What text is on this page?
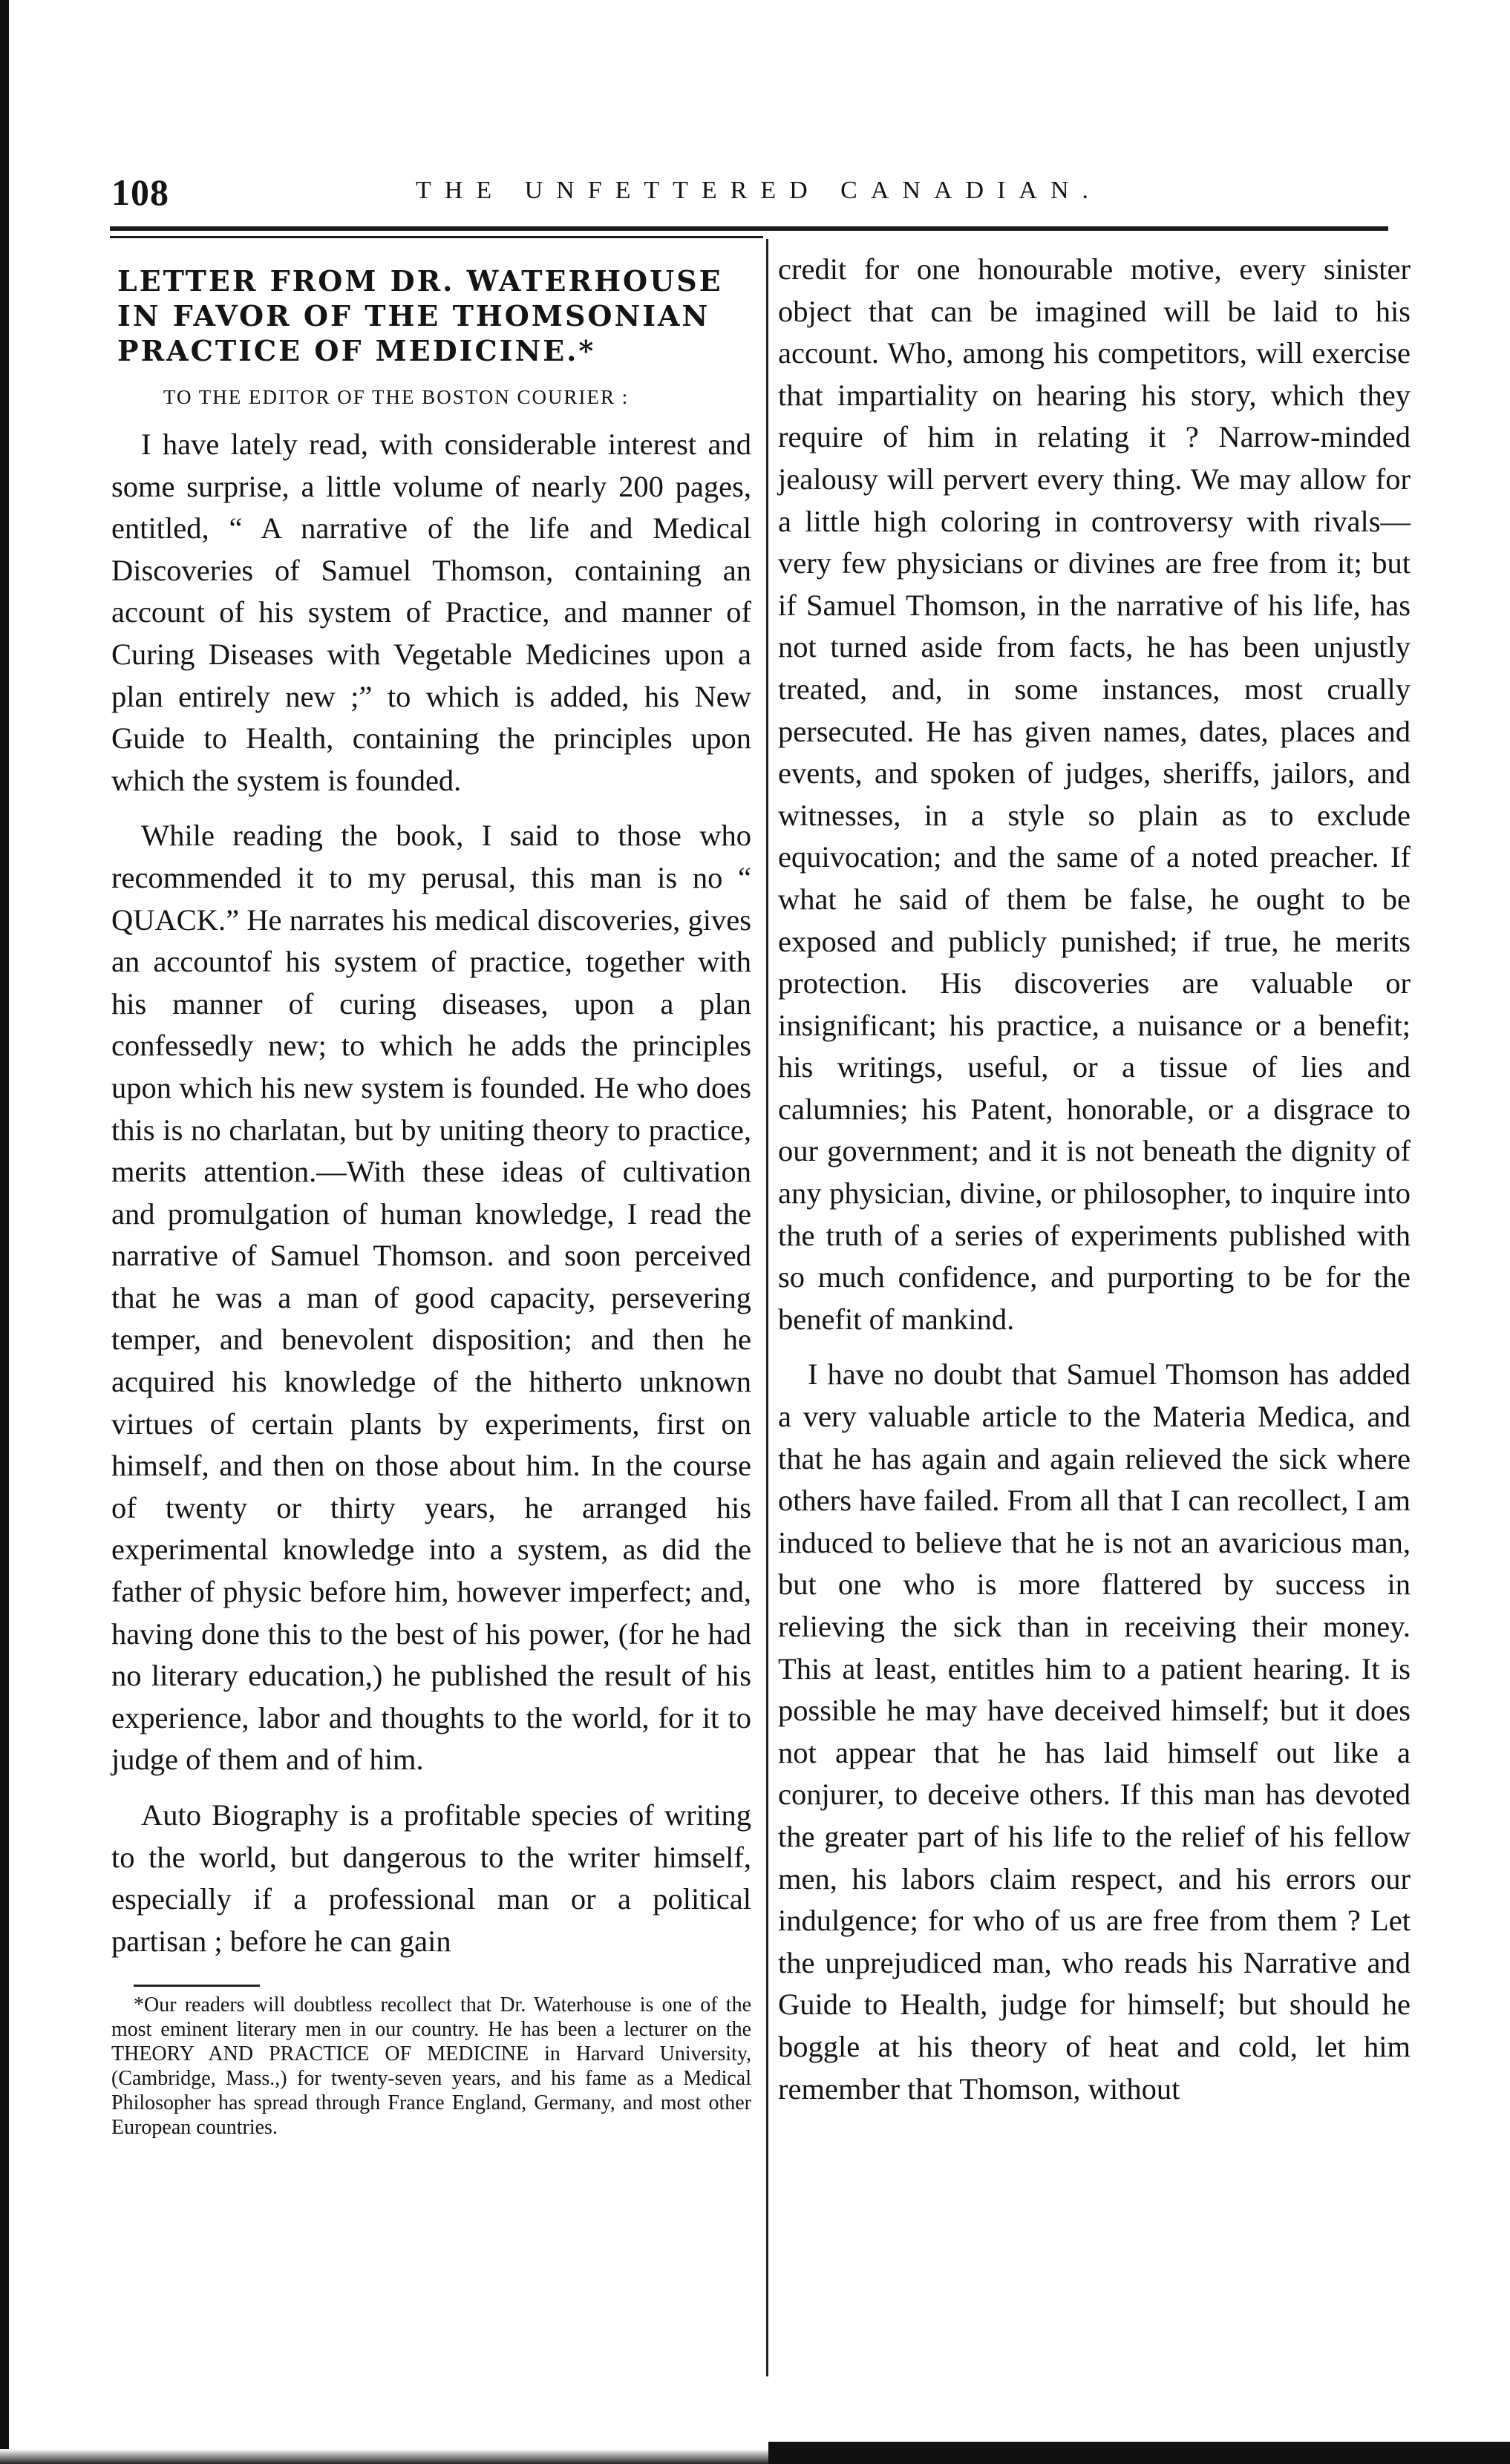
108	THE UNFETTERED CANADIAN.
LETTER FROM DR. WATERHOUSE IN FAVOR OF THE THOMSONIAN PRACTICE OF MEDICINE.*
TO THE EDITOR OF THE BOSTON COURIER :

I have lately read, with considerable interest and some surprise, a little volume of nearly 200 pages, entitled, “ A narrative of the life and Medical Discoveries of Samuel Thomson, containing an account of his system of Practice, and manner of Curing Diseases with Vegetable Medicines upon a plan entirely new ;” to which is added, his New Guide to Health, containing the principles upon which the system is founded.

While reading the book, I said to those who recommended it to my perusal, this man is no “ QUACK.” He narrates his medical discoveries, gives an accountof his system of practice, together with his manner of curing diseases, upon a plan confessedly new; to which he adds the principles upon which his new system is founded. He who does this is no charlatan, but by uniting theory to practice, merits attention.—With these ideas of cultivation and promulgation of human knowledge, I read the narrative of Samuel Thomson. and soon perceived that he was a man of good capacity, persevering temper, and benevolent disposition; and then he acquired his knowledge of the hitherto unknown virtues of certain plants by experiments, first on himself, and then on those about him. In the course of twenty or thirty years, he arranged his experimental knowledge into a system, as did the father of physic before him, however imperfect; and, having done this to the best of his power, (for he had no literary education,) he published the result of his experience, labor and thoughts to the world, for it to judge of them and of him.

Auto Biography is a profitable species of writing to the world, but dangerous to the writer himself, especially if a professional man or a political partisan ; before he can gain

*Our readers will doubtless recollect that Dr. Waterhouse is one of the most eminent literary men in our country. He has been a lecturer on the THEORY AND PRACTICE OF MEDICINE in Harvard University, (Cambridge, Mass.,) for twenty-seven years, and his fame as a Medical Philosopher has spread through France England, Germany, and most other European countries.

credit for one honourable motive, every sinister object that can be imagined will be laid to his account. Who, among his competitors, will exercise that impartiality on hearing his story, which they require of him in relating it ? Narrow-minded jealousy will pervert every thing. We may allow for a little high coloring in controversy with rivals—very few physicians or divines are free from it; but if Samuel Thomson, in the narrative of his life, has not turned aside from facts, he has been unjustly treated, and, in some instances, most crually persecuted. He has given names, dates, places and events, and spoken of judges, sheriffs, jailors, and witnesses, in a style so plain as to exclude equivocation; and the same of a noted preacher. If what he said of them be false, he ought to be exposed and publicly punished; if true, he merits protection. His discoveries are valuable or insignificant; his practice, a nuisance or a benefit; his writings, useful, or a tissue of lies and calumnies; his Patent, honorable, or a disgrace to our government; and it is not beneath the dignity of any physician, divine, or philosopher, to inquire into the truth of a series of experiments published with so much confidence, and purporting to be for the benefit of mankind.

I have no doubt that Samuel Thomson has added a very valuable article to the Materia Medica, and that he has again and again relieved the sick where others have failed. From all that I can recollect, I am induced to believe that he is not an avaricious man, but one who is more flattered by success in relieving the sick than in receiving their money. This at least, entitles him to a patient hearing. It is possible he may have deceived himself; but it does not appear that he has laid himself out like a conjurer, to deceive others. If this man has devoted the greater part of his life to the relief of his fellow men, his labors claim respect, and his errors our indulgence; for who of us are free from them ? Let the unprejudiced man, who reads his Narrative and Guide to Health, judge for himself; but should he boggle at his theory of heat and cold, let him remember that Thomson, without
